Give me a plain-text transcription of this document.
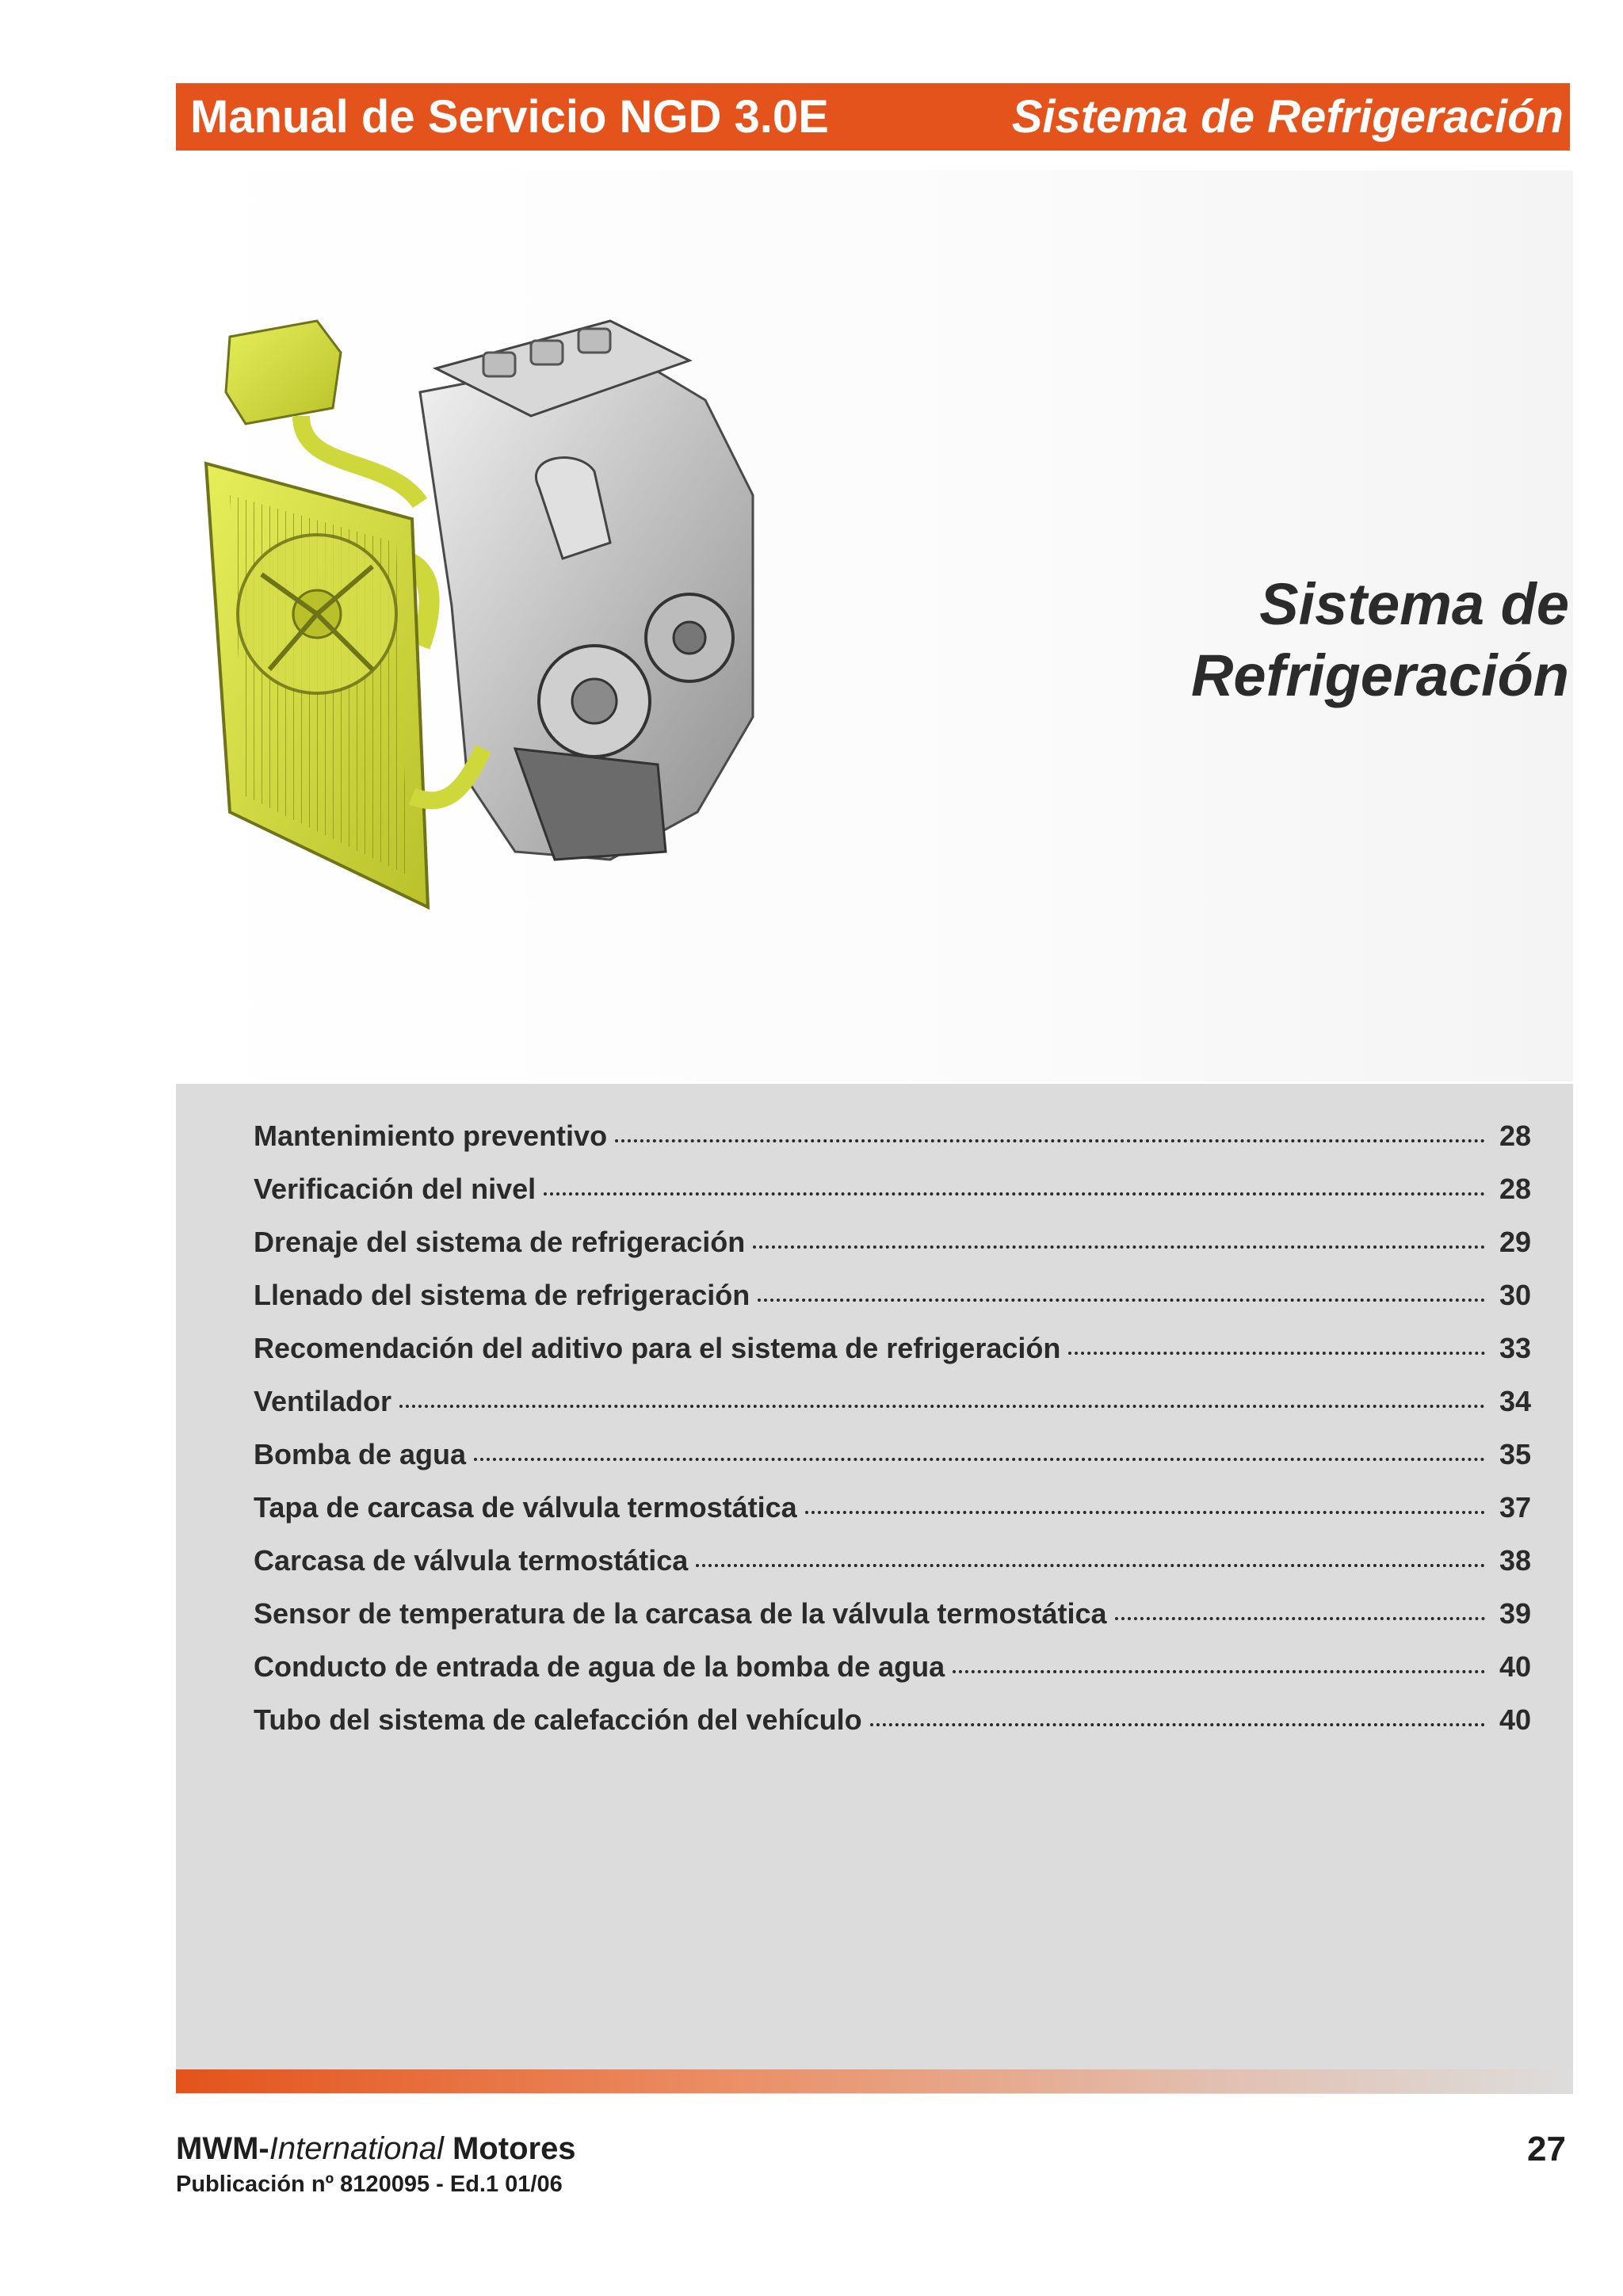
Manual de Servicio NGD 3.0E	Sistema de Refrigeración
Sistema de
Refrigeración
Mantenimiento preventivo	28
Verificación del nivel	28
Drenaje del sistema de refrigeración	29
Llenado del sistema de refrigeración	30
Recomendación del aditivo para el sistema de refrigeración	33
Ventilador	34
Bomba de agua	35
Tapa de carcasa de válvula termostática	37
Carcasa de válvula termostática	38
Sensor de temperatura de la carcasa de la válvula termostática	39
Conducto de entrada de agua de la bomba de agua	40
Tubo del sistema de calefacción del vehículo	40
MWM-International Motores
Publicación nº 8120095 - Ed.1 01/06
27
